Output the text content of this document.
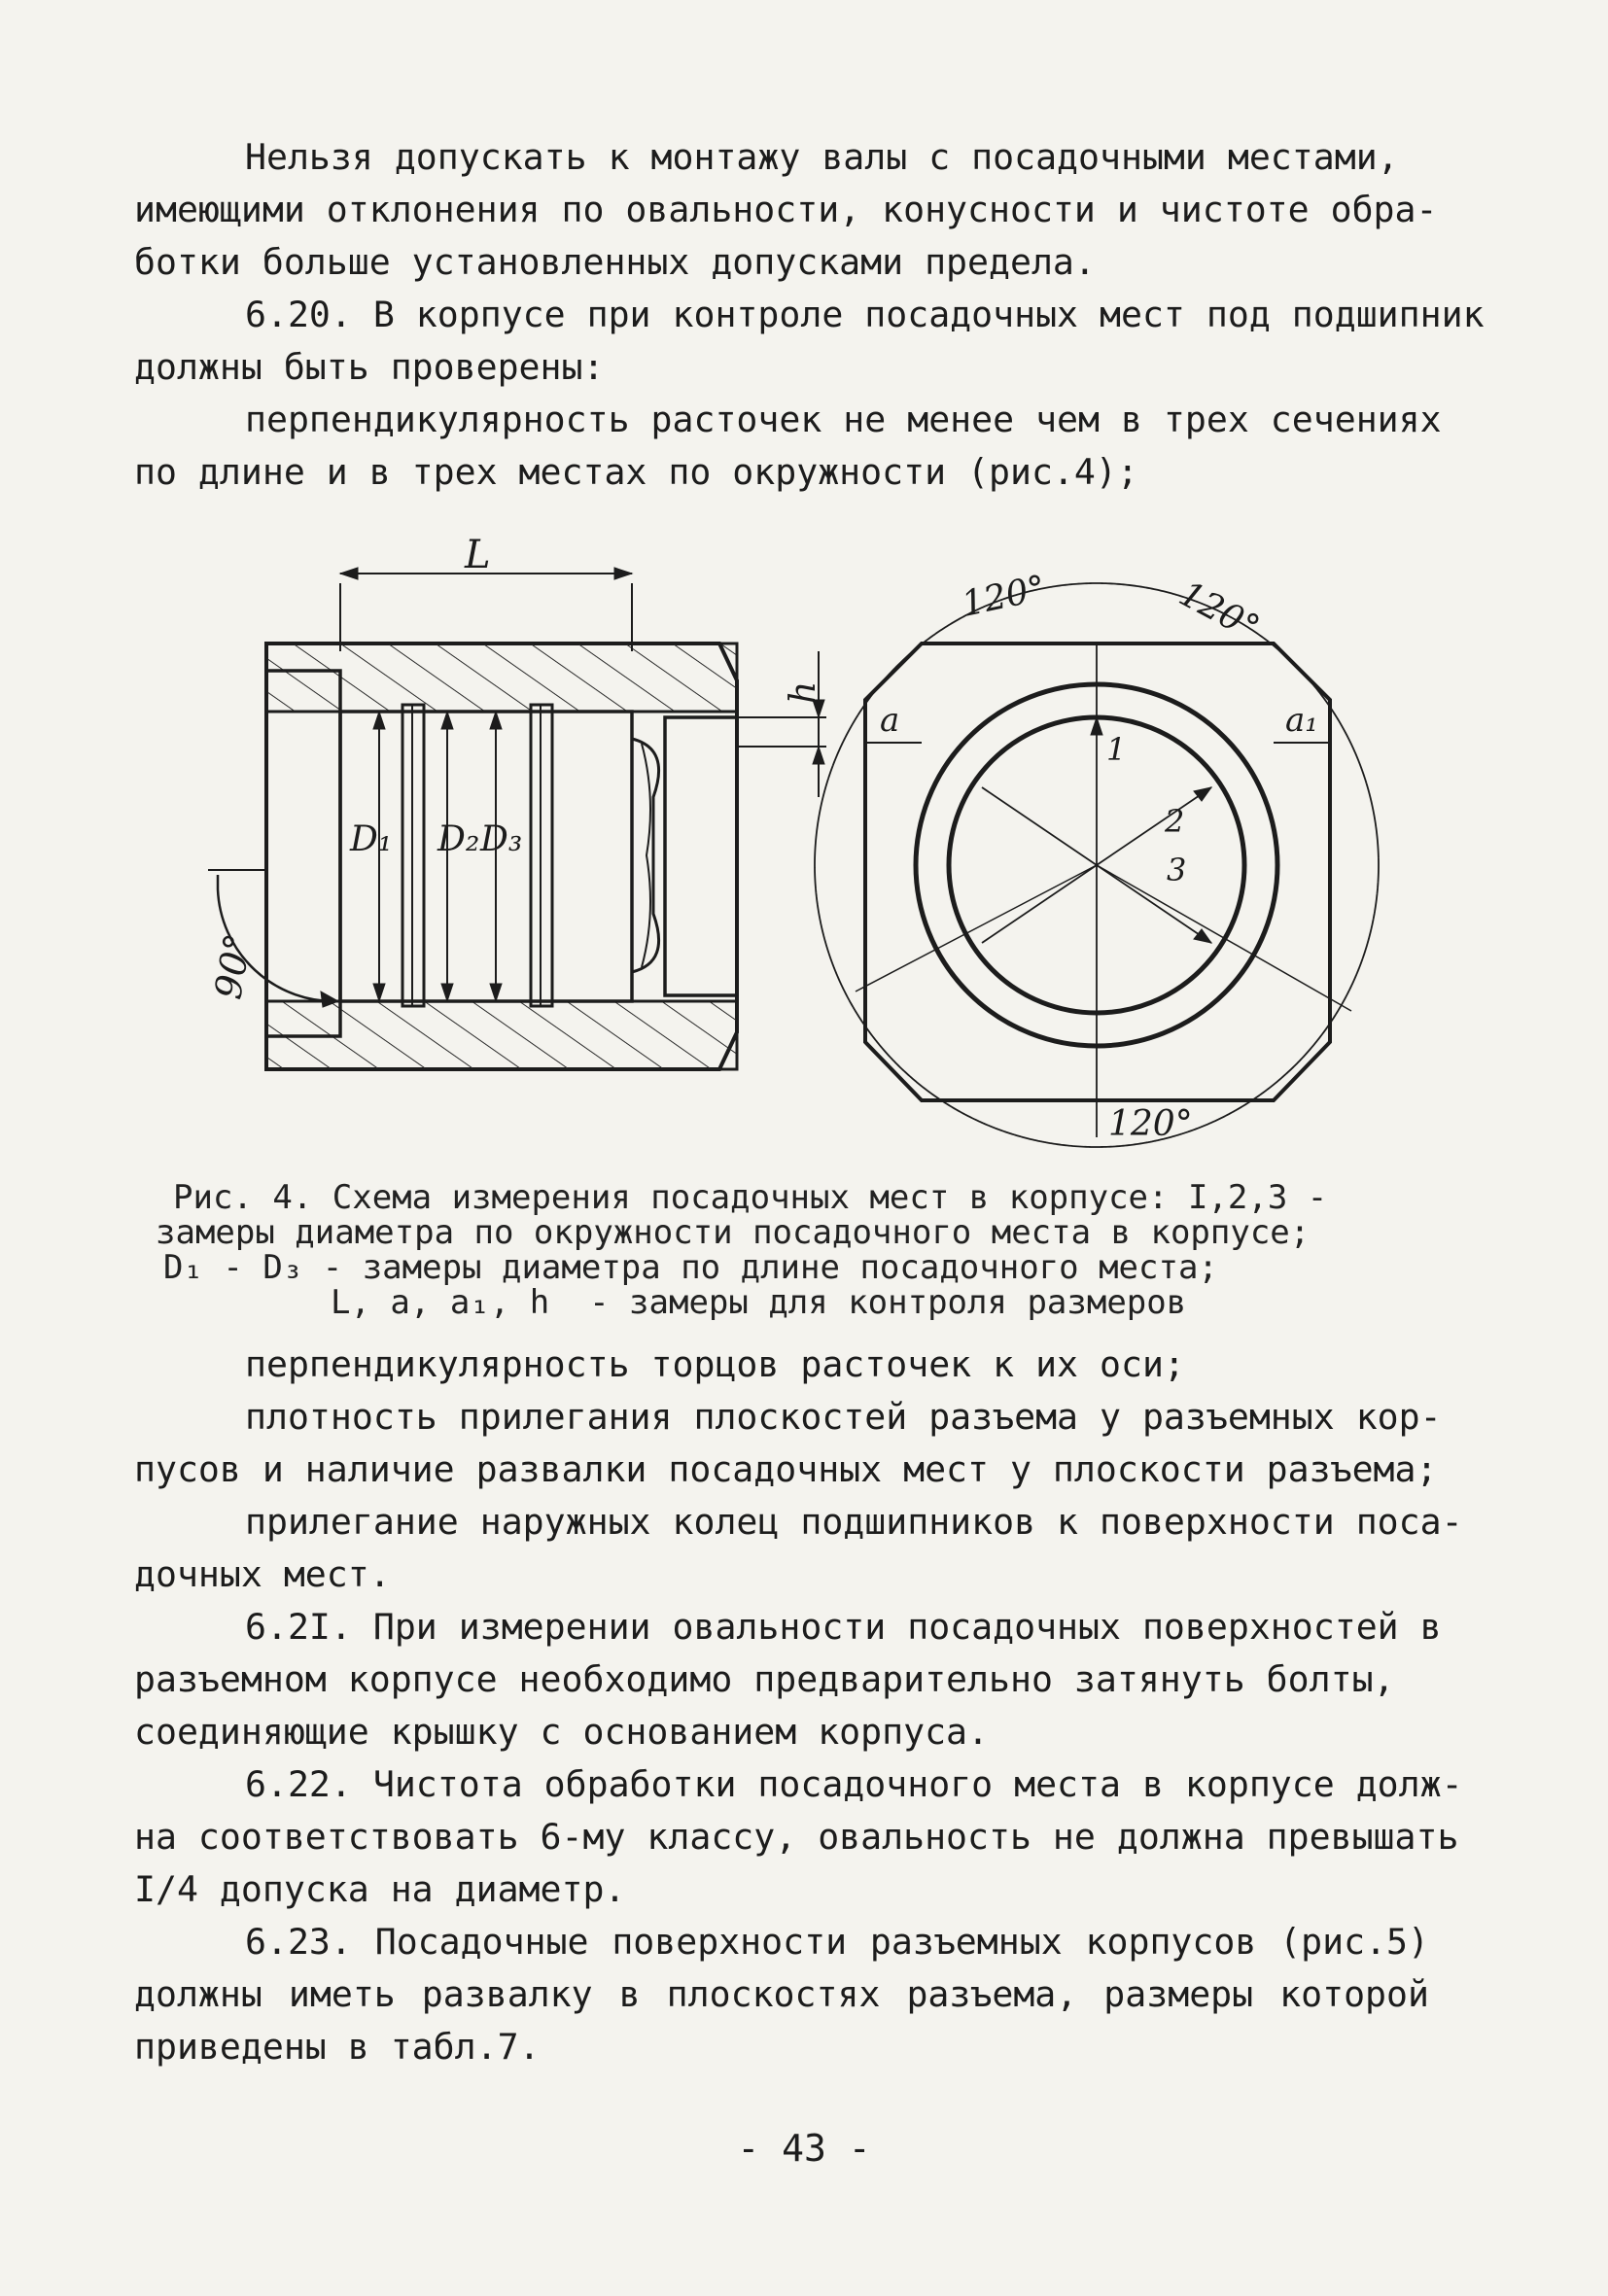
Нельзя допускать к монтажу валы с посадочными местами,
имеющими отклонения по овальности, конусности и чистоте обра-
ботки больше установленных допусками предела.
6.20. В корпусе при контроле посадочных мест под подшипник
должны быть проверены:
перпендикулярность расточек не менее чем в трех сечениях
по длине и в трех местах по окружности (рис.4);
L
D₁ D₂ D₃
h
90°
120°	120°
120°
a	a₁
1
2
3
Рис. 4. Схема измерения посадочных мест в корпусе: I,2,3 -
замеры диаметра по окружности посадочного места в корпусе;
D₁ - D₃ - замеры диаметра по длине посадочного места;
L, a, a₁, h  - замеры для контроля размеров
перпендикулярность торцов расточек к их оси;
плотность прилегания плоскостей разъема у разъемных кор-
пусов и наличие развалки посадочных мест у плоскости разъема;
прилегание наружных колец подшипников к поверхности поса-
дочных мест.
6.2I. При измерении овальности посадочных поверхностей в
разъемном корпусе необходимо предварительно затянуть болты,
соединяющие крышку с основанием корпуса.
6.22. Чистота обработки посадочного места в корпусе долж-
на соответствовать 6-му классу, овальность не должна превышать
I/4 допуска на диаметр.
6.23. Посадочные поверхности разъемных корпусов (рис.5)
должны иметь развалку в плоскостях разъема, размеры которой
приведены в табл.7.
- 43 -
